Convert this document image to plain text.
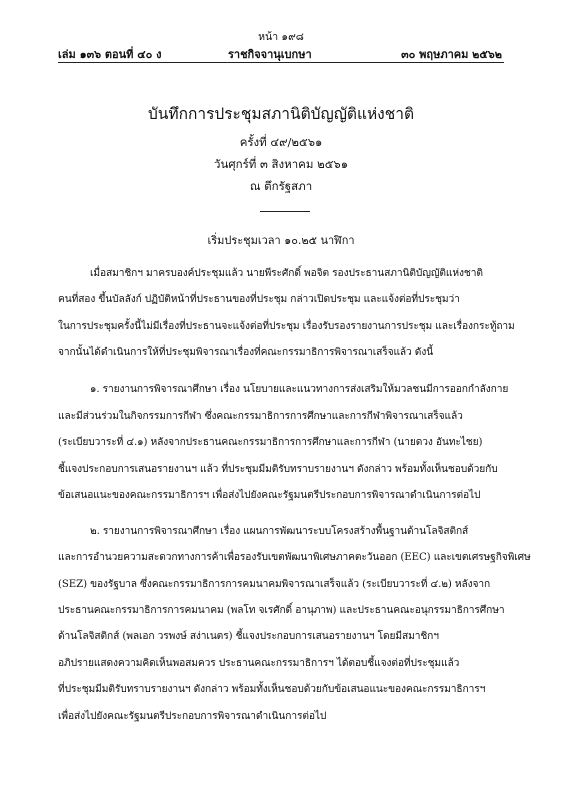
หน้า ๑๙๘
เล่ม ๑๓๖ ตอนที่ ๔๐ ง	ราชกิจจานุเบกษา	๓๐ พฤษภาคม ๒๕๖๒
บันทึกการประชุมสภานิติบัญญัติแห่งชาติ
ครั้งที่ ๔๙/๒๕๖๑
วันศุกร์ที่ ๓ สิงหาคม ๒๕๖๑
ณ ตึกรัฐสภา
เริ่มประชุมเวลา ๑๐.๒๕ นาฬิกา
เมื่อสมาชิกฯ มาครบองค์ประชุมแล้ว นายพีระศักดิ์ พอจิต รองประธานสภานิติบัญญัติแห่งชาติ
คนที่สอง ขึ้นบัลลังก์ ปฏิบัติหน้าที่ประธานของที่ประชุม กล่าวเปิดประชุม และแจ้งต่อที่ประชุมว่า
ในการประชุมครั้งนี้ไม่มีเรื่องที่ประธานจะแจ้งต่อที่ประชุม เรื่องรับรองรายงานการประชุม และเรื่องกระทู้ถาม
จากนั้นได้ดำเนินการให้ที่ประชุมพิจารณาเรื่องที่คณะกรรมาธิการพิจารณาเสร็จแล้ว ดังนี้
๑. รายงานการพิจารณาศึกษา เรื่อง นโยบายและแนวทางการส่งเสริมให้มวลชนมีการออกกำลังกาย
และมีส่วนร่วมในกิจกรรมการกีฬา ซึ่งคณะกรรมาธิการการศึกษาและการกีฬาพิจารณาเสร็จแล้ว
(ระเบียบวาระที่ ๔.๑) หลังจากประธานคณะกรรมาธิการการศึกษาและการกีฬา (นายดวง อันทะไชย)
ชี้แจงประกอบการเสนอรายงานฯ แล้ว ที่ประชุมมีมติรับทราบรายงานฯ ดังกล่าว พร้อมทั้งเห็นชอบด้วยกับ
ข้อเสนอแนะของคณะกรรมาธิการฯ เพื่อส่งไปยังคณะรัฐมนตรีประกอบการพิจารณาดำเนินการต่อไป
๒. รายงานการพิจารณาศึกษา เรื่อง แผนการพัฒนาระบบโครงสร้างพื้นฐานด้านโลจิสติกส์
และการอำนวยความสะดวกทางการค้าเพื่อรองรับเขตพัฒนาพิเศษภาคตะวันออก (EEC) และเขตเศรษฐกิจพิเศษ
(SEZ) ของรัฐบาล ซึ่งคณะกรรมาธิการการคมนาคมพิจารณาเสร็จแล้ว (ระเบียบวาระที่ ๔.๒) หลังจาก
ประธานคณะกรรมาธิการการคมนาคม (พลโท จเรศักดิ์ อานุภาพ) และประธานคณะอนุกรรมาธิการศึกษา
ด้านโลจิสติกส์ (พลเอก วรพงษ์ สง่าเนตร) ชี้แจงประกอบการเสนอรายงานฯ โดยมีสมาชิกฯ
อภิปรายแสดงความคิดเห็นพอสมควร ประธานคณะกรรมาธิการฯ ได้ตอบชี้แจงต่อที่ประชุมแล้ว
ที่ประชุมมีมติรับทราบรายงานฯ ดังกล่าว พร้อมทั้งเห็นชอบด้วยกับข้อเสนอแนะของคณะกรรมาธิการฯ
เพื่อส่งไปยังคณะรัฐมนตรีประกอบการพิจารณาดำเนินการต่อไป
